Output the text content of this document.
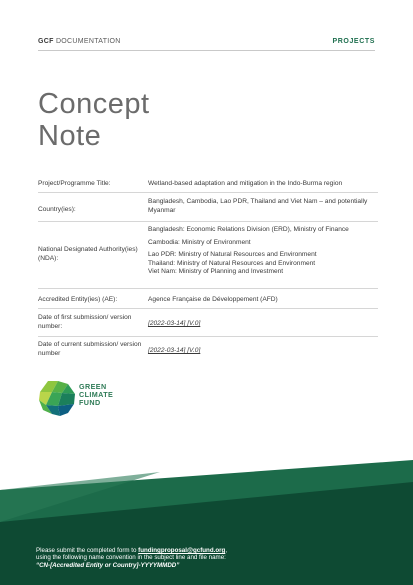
GCF DOCUMENTATION	PROJECTS
Concept
Note
Project/Programme Title:	Wetland-based adaptation and mitigation in the Indo-Burma region
Country(ies):
Bangladesh, Cambodia, Lao PDR, Thailand and Viet Nam – and potentially Myanmar
National Designated Authority(ies) (NDA):
Bangladesh: Economic Relations Division (ERD), Ministry of Finance
Cambodia: Ministry of Environment
Lao PDR: Ministry of Natural Resources and Environment
Thailand: Ministry of Natural Resources and Environment
Viet Nam: Ministry of Planning and Investment
Accredited Entity(ies) (AE):	Agence Française de Développement (AFD)
Date of first submission/ version number:	[2022-03-14] [V.0]
Date of current submission/ version number	[2022-03-14] [V.0]
GREEN
CLIMATE
FUND
Please submit the completed form to fundingproposal@gcfund.org,
using the following name convention in the subject line and file name:
“CN-[Accredited Entity or Country]-YYYYMMDD”
